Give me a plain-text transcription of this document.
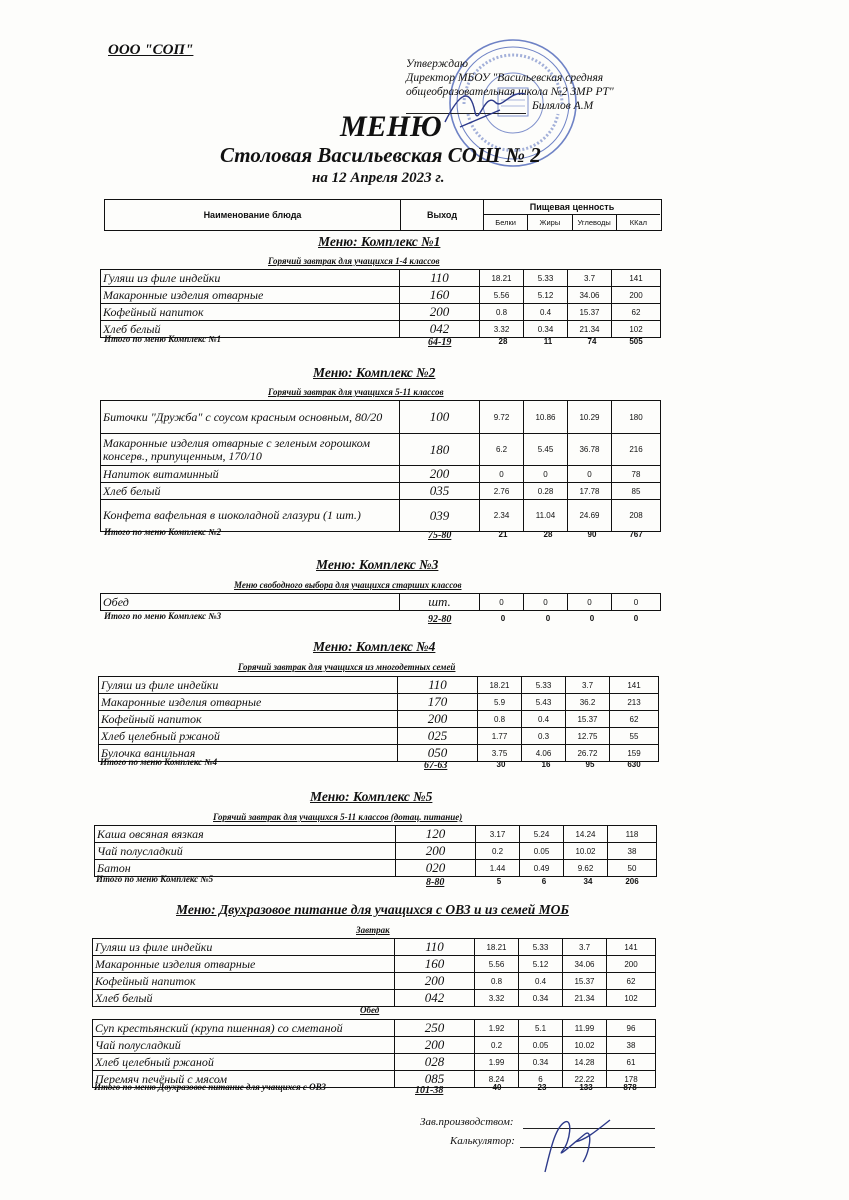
ООО "СОП"
Утверждаю
Директор МБОУ "Васильевская средняя
общеобразовательная школа №2 ЗМР РТ"
Билялов А.М
МЕНЮ
Столовая Васильевская СОШ № 2
на 12 Апреля 2023 г.
Наименование блюда	Выход
Пищевая ценность
Белки	Жиры	Углеводы	ККал
Меню: Комплекс №1
Горячий завтрак для учащихся 1-4 классов
Гуляш из филе индейки	110	18.21	5.33	3.7	141
Макаронные изделия отварные	160	5.56	5.12	34.06	200
Кофейный напиток	200	0.8	0.4	15.37	62
Хлеб белый	042	3.32	0.34	21.34	102
Итого по меню Комплекс №1	64-19	28	11	74	505
Меню: Комплекс №2
Горячий завтрак для учащихся 5-11 классов
Биточки "Дружба" с соусом красным основным, 80/20	100	9.72	10.86	10.29	180
Макаронные изделия отварные с зеленым горошком консерв., припущенным, 170/10	180	6.2	5.45	36.78	216
Напиток витаминный	200	0	0	0	78
Хлеб белый	035	2.76	0.28	17.78	85
Конфета вафельная в шоколадной глазури (1 шт.)	039	2.34	11.04	24.69	208
Итого по меню Комплекс №2	75-80	21	28	90	767
Меню: Комплекс №3
Меню свободного выбора для учащихся старших классов
Обед	шт.	0	0	0	0
Итого по меню Комплекс №3	92-80	0	0	0	0
Меню: Комплекс №4
Горячий завтрак для учащихся из многодетных семей
Гуляш из филе индейки	110	18.21	5.33	3.7	141
Макаронные изделия отварные	170	5.9	5.43	36.2	213
Кофейный напиток	200	0.8	0.4	15.37	62
Хлеб целебный ржаной	025	1.77	0.3	12.75	55
Булочка ванильная	050	3.75	4.06	26.72	159
Итого по меню Комплекс №4	67-63	30	16	95	630
Меню: Комплекс №5
Горячий завтрак для учащихся 5-11 классов (дотац. питание)
Каша овсяная вязкая	120	3.17	5.24	14.24	118
Чай полусладкий	200	0.2	0.05	10.02	38
Батон	020	1.44	0.49	9.62	50
Итого по меню Комплекс №5	8-80	5	6	34	206
Меню: Двухразовое питание для учащихся с ОВЗ и из семей МОБ
Завтрак
Гуляш из филе индейки	110	18.21	5.33	3.7	141
Макаронные изделия отварные	160	5.56	5.12	34.06	200
Кофейный напиток	200	0.8	0.4	15.37	62
Хлеб белый	042	3.32	0.34	21.34	102
Обед
Суп крестьянский (крупа пшенная) со сметаной	250	1.92	5.1	11.99	96
Чай полусладкий	200	0.2	0.05	10.02	38
Хлеб целебный ржаной	028	1.99	0.34	14.28	61
Перемяч печёный с мясом	085	8.24	6	22.22	178
Итого по меню Двухразовое питание для учащихся с ОВЗ	101-38	40	23	133	878
Зав.производством:
Калькулятор:
